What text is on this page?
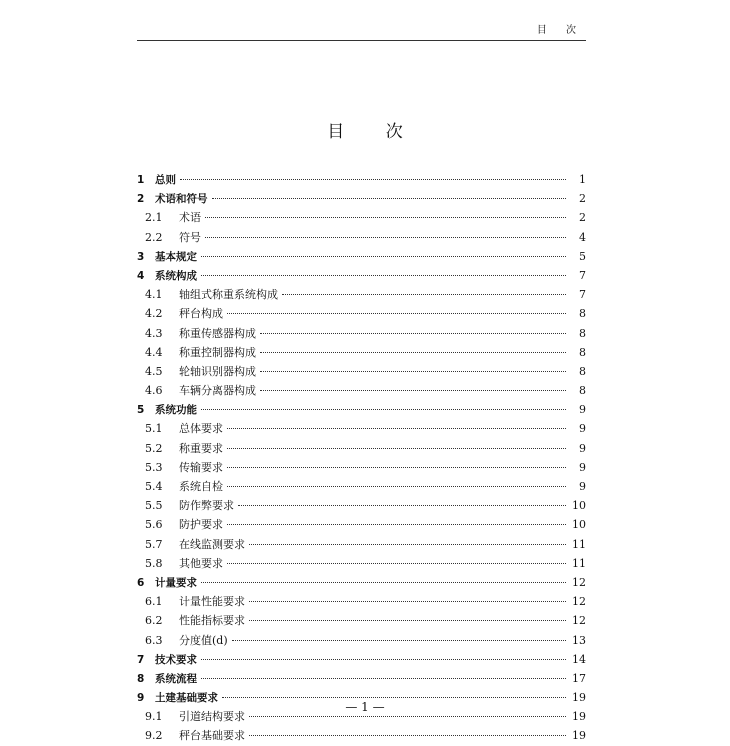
目 次
目 次
1	总则	1
2	术语和符号	2
2.1	术语	2
2.2	符号	4
3	基本规定	5
4	系统构成	7
4.1	轴组式称重系统构成	7
4.2	秤台构成	8
4.3	称重传感器构成	8
4.4	称重控制器构成	8
4.5	轮轴识别器构成	8
4.6	车辆分离器构成	8
5	系统功能	9
5.1	总体要求	9
5.2	称重要求	9
5.3	传输要求	9
5.4	系统自检	9
5.5	防作弊要求	10
5.6	防护要求	10
5.7	在线监测要求	11
5.8	其他要求	11
6	计量要求	12
6.1	计量性能要求	12
6.2	性能指标要求	12
6.3	分度值(d)	13
7	技术要求	14
8	系统流程	17
9	土建基础要求	19
9.1	引道结构要求	19
9.2	秤台基础要求	19
— 1 —
